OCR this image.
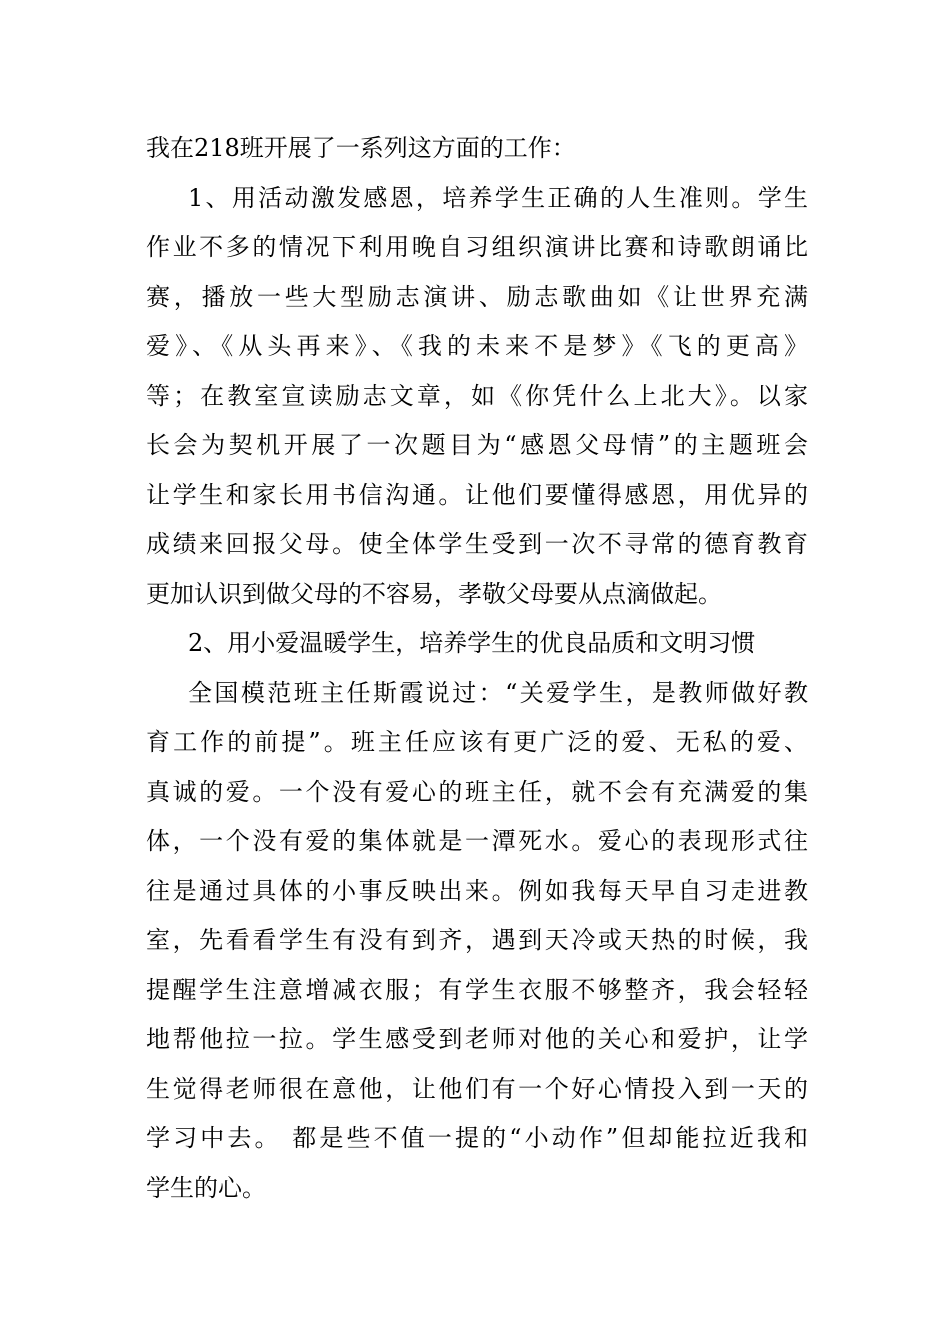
我在218班开展了一系列这方面的工作：
1、用活动激发感恩，培养学生正确的人生准则。学生
作业不多的情况下利用晚自习组织演讲比赛和诗歌朗诵比
赛，播放一些大型励志演讲、励志歌曲如《让世界充满
爱》、《从头再来》、《我的未来不是梦》《飞的更高》
等；在教室宣读励志文章，如《你凭什么上北大》。以家
长会为契机开展了一次题目为“感恩父母情”的主题班会
让学生和家长用书信沟通。让他们要懂得感恩，用优异的
成绩来回报父母。使全体学生受到一次不寻常的德育教育
更加认识到做父母的不容易，孝敬父母要从点滴做起。
2、用小爱温暖学生，培养学生的优良品质和文明习惯
全国模范班主任斯霞说过：“关爱学生，是教师做好教
育工作的前提”。班主任应该有更广泛的爱、无私的爱、
真诚的爱。一个没有爱心的班主任，就不会有充满爱的集
体，一个没有爱的集体就是一潭死水。爱心的表现形式往
往是通过具体的小事反映出来。例如我每天早自习走进教
室，先看看学生有没有到齐，遇到天冷或天热的时候，我
提醒学生注意增减衣服；有学生衣服不够整齐，我会轻轻
地帮他拉一拉。学生感受到老师对他的关心和爱护，让学
生觉得老师很在意他，让他们有一个好心情投入到一天的
学习中去。 都是些不值一提的“小动作”但却能拉近我和
学生的心。
